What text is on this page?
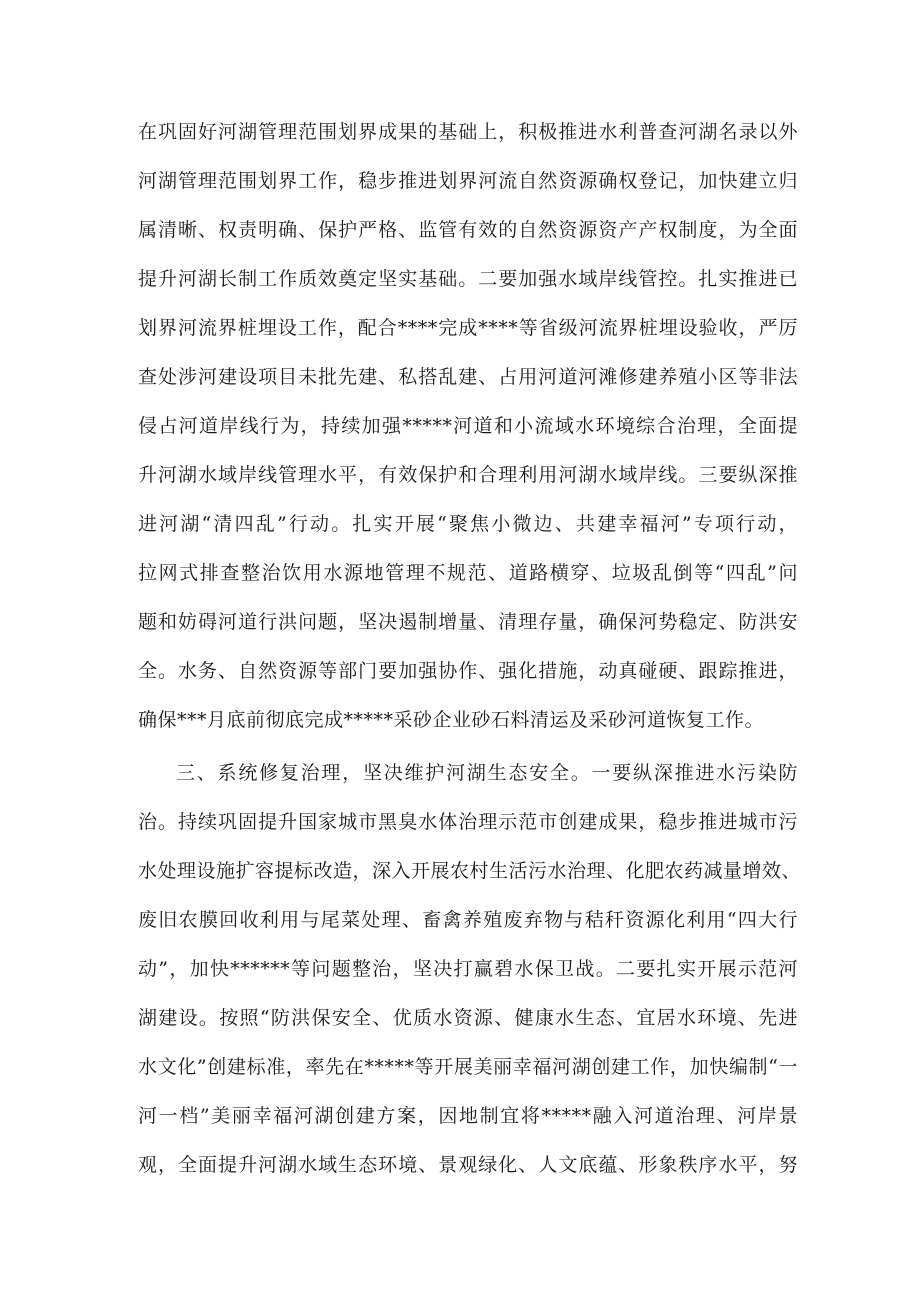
在巩固好河湖管理范围划界成果的基础上，积极推进水利普查河湖名录以外
河湖管理范围划界工作，稳步推进划界河流自然资源确权登记，加快建立归
属清晰、权责明确、保护严格、监管有效的自然资源资产产权制度，为全面
提升河湖长制工作质效奠定坚实基础。二要加强水域岸线管控。扎实推进已
划界河流界桩埋设工作，配合****完成****等省级河流界桩埋设验收，严厉
查处涉河建设项目未批先建、私搭乱建、占用河道河滩修建养殖小区等非法
侵占河道岸线行为，持续加强*****河道和小流域水环境综合治理，全面提
升河湖水域岸线管理水平，有效保护和合理利用河湖水域岸线。三要纵深推
进河湖“清四乱”行动。扎实开展“聚焦小微边、共建幸福河”专项行动，
拉网式排查整治饮用水源地管理不规范、道路横穿、垃圾乱倒等“四乱”问
题和妨碍河道行洪问题，坚决遏制增量、清理存量，确保河势稳定、防洪安
全。水务、自然资源等部门要加强协作、强化措施，动真碰硬、跟踪推进，
确保***月底前彻底完成*****采砂企业砂石料清运及采砂河道恢复工作。
三、系统修复治理，坚决维护河湖生态安全。一要纵深推进水污染防
治。持续巩固提升国家城市黑臭水体治理示范市创建成果，稳步推进城市污
水处理设施扩容提标改造，深入开展农村生活污水治理、化肥农药减量增效、
废旧农膜回收利用与尾菜处理、畜禽养殖废弃物与秸秆资源化利用“四大行
动”，加快******等问题整治，坚决打赢碧水保卫战。二要扎实开展示范河
湖建设。按照“防洪保安全、优质水资源、健康水生态、宜居水环境、先进
水文化”创建标准，率先在*****等开展美丽幸福河湖创建工作，加快编制“一
河一档”美丽幸福河湖创建方案，因地制宜将*****融入河道治理、河岸景
观，全面提升河湖水域生态环境、景观绿化、人文底蕴、形象秩序水平，努
